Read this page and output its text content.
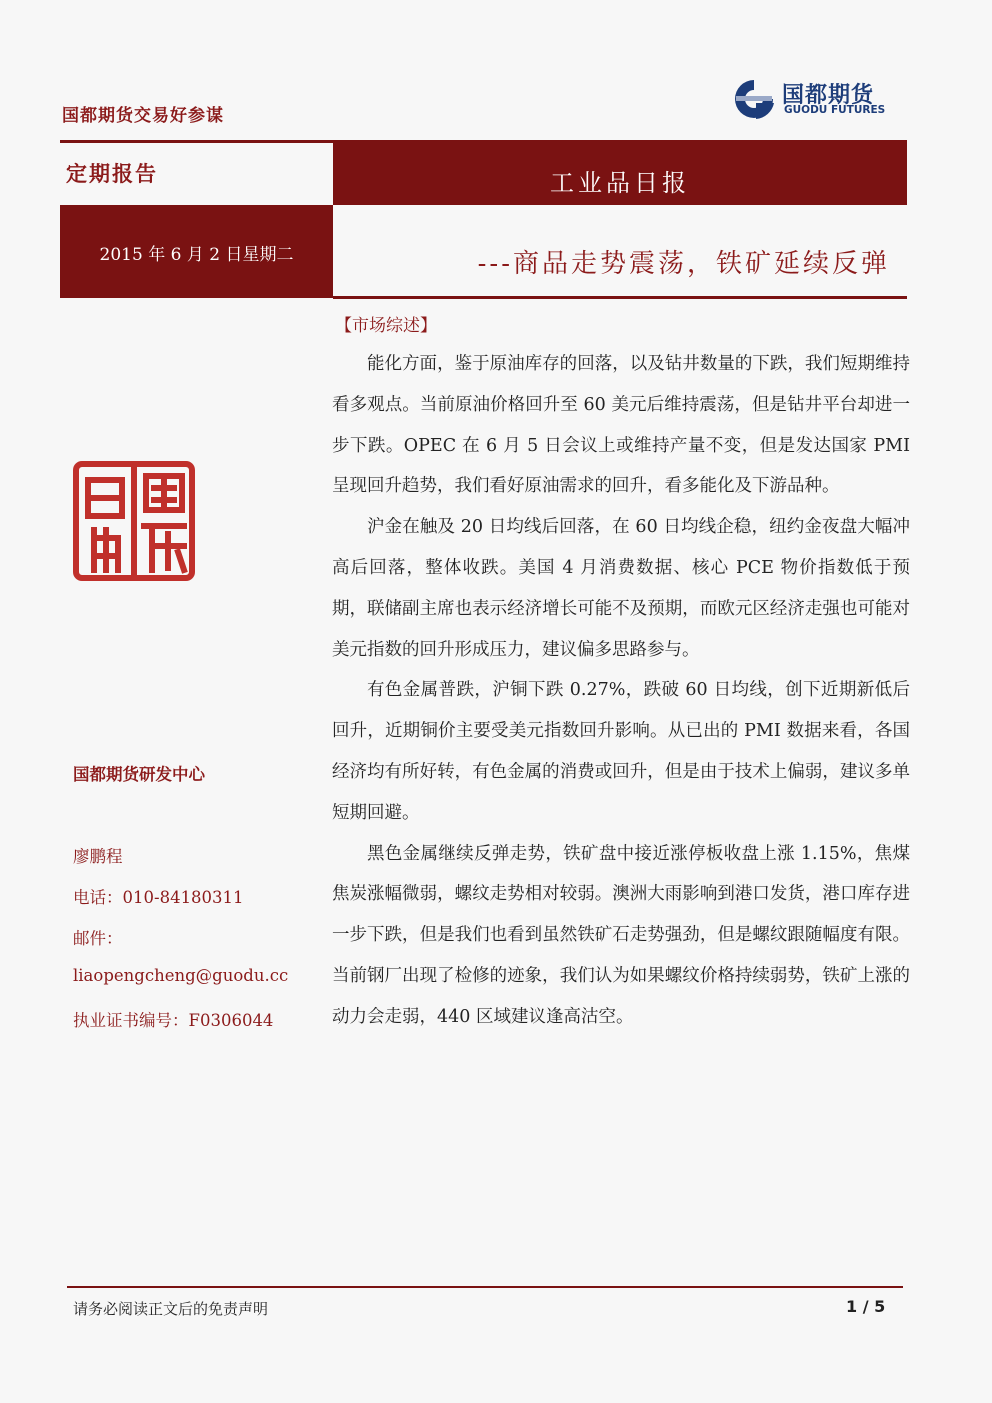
国都期货交易好参谋
国都期货
GUODU FUTURES
定期报告	工业品日报
2015 年 6 月 2 日星期二	---商品走势震荡，铁矿延续反弹
【市场综述】

能化方面，鉴于原油库存的回落，以及钻井数量的下跌，我们短期维持看多观点。当前原油价格回升至 60 美元后维持震荡，但是钻井平台却进一步下跌。OPEC 在 6 月 5 日会议上或维持产量不变，但是发达国家 PMI 呈现回升趋势，我们看好原油需求的回升，看多能化及下游品种。

沪金在触及 20 日均线后回落，在 60 日均线企稳，纽约金夜盘大幅冲高后回落，整体收跌。美国 4 月消费数据、核心 PCE 物价指数低于预期，联储副主席也表示经济增长可能不及预期，而欧元区经济走强也可能对美元指数的回升形成压力，建议偏多思路参与。

有色金属普跌，沪铜下跌 0.27%，跌破 60 日均线，创下近期新低后回升，近期铜价主要受美元指数回升影响。从已出的 PMI 数据来看，各国经济均有所好转，有色金属的消费或回升，但是由于技术上偏弱，建议多单短期回避。

黑色金属继续反弹走势，铁矿盘中接近涨停板收盘上涨 1.15%，焦煤焦炭涨幅微弱，螺纹走势相对较弱。澳洲大雨影响到港口发货，港口库存进一步下跌，但是我们也看到虽然铁矿石走势强劲，但是螺纹跟随幅度有限。当前钢厂出现了检修的迹象，我们认为如果螺纹价格持续弱势，铁矿上涨的动力会走弱，440 区域建议逢高沽空。

国都期货研发中心
廖鹏程
电话：010-84180311
邮件：
liaopengcheng@guodu.cc
执业证书编号：F0306044
请务必阅读正文后的免责声明	1 / 5
